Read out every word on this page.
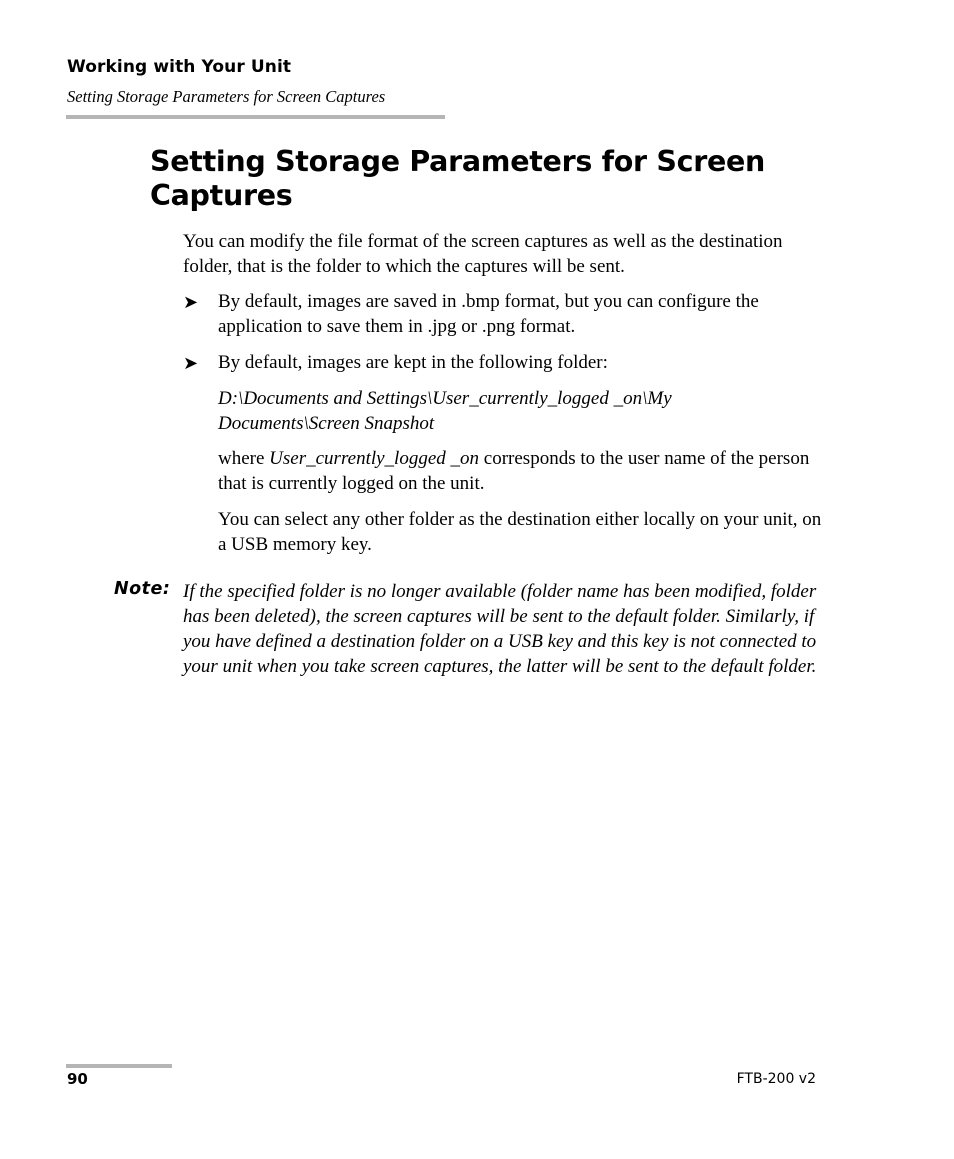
Working with Your Unit
Setting Storage Parameters for Screen Captures
Setting Storage Parameters for Screen Captures

You can modify the file format of the screen captures as well as the destination folder, that is the folder to which the captures will be sent.

➤ By default, images are saved in .bmp format, but you can configure the application to save them in .jpg or .png format.

➤ By default, images are kept in the following folder:

D:\Documents and Settings\User_currently_logged _on\My Documents\Screen Snapshot

where User_currently_logged _on corresponds to the user name of the person that is currently logged on the unit.

You can select any other folder as the destination either locally on your unit, on a USB memory key.

Note: If the specified folder is no longer available (folder name has been modified, folder has been deleted), the screen captures will be sent to the default folder. Similarly, if you have defined a destination folder on a USB key and this key is not connected to your unit when you take screen captures, the latter will be sent to the default folder.

90	FTB-200 v2
